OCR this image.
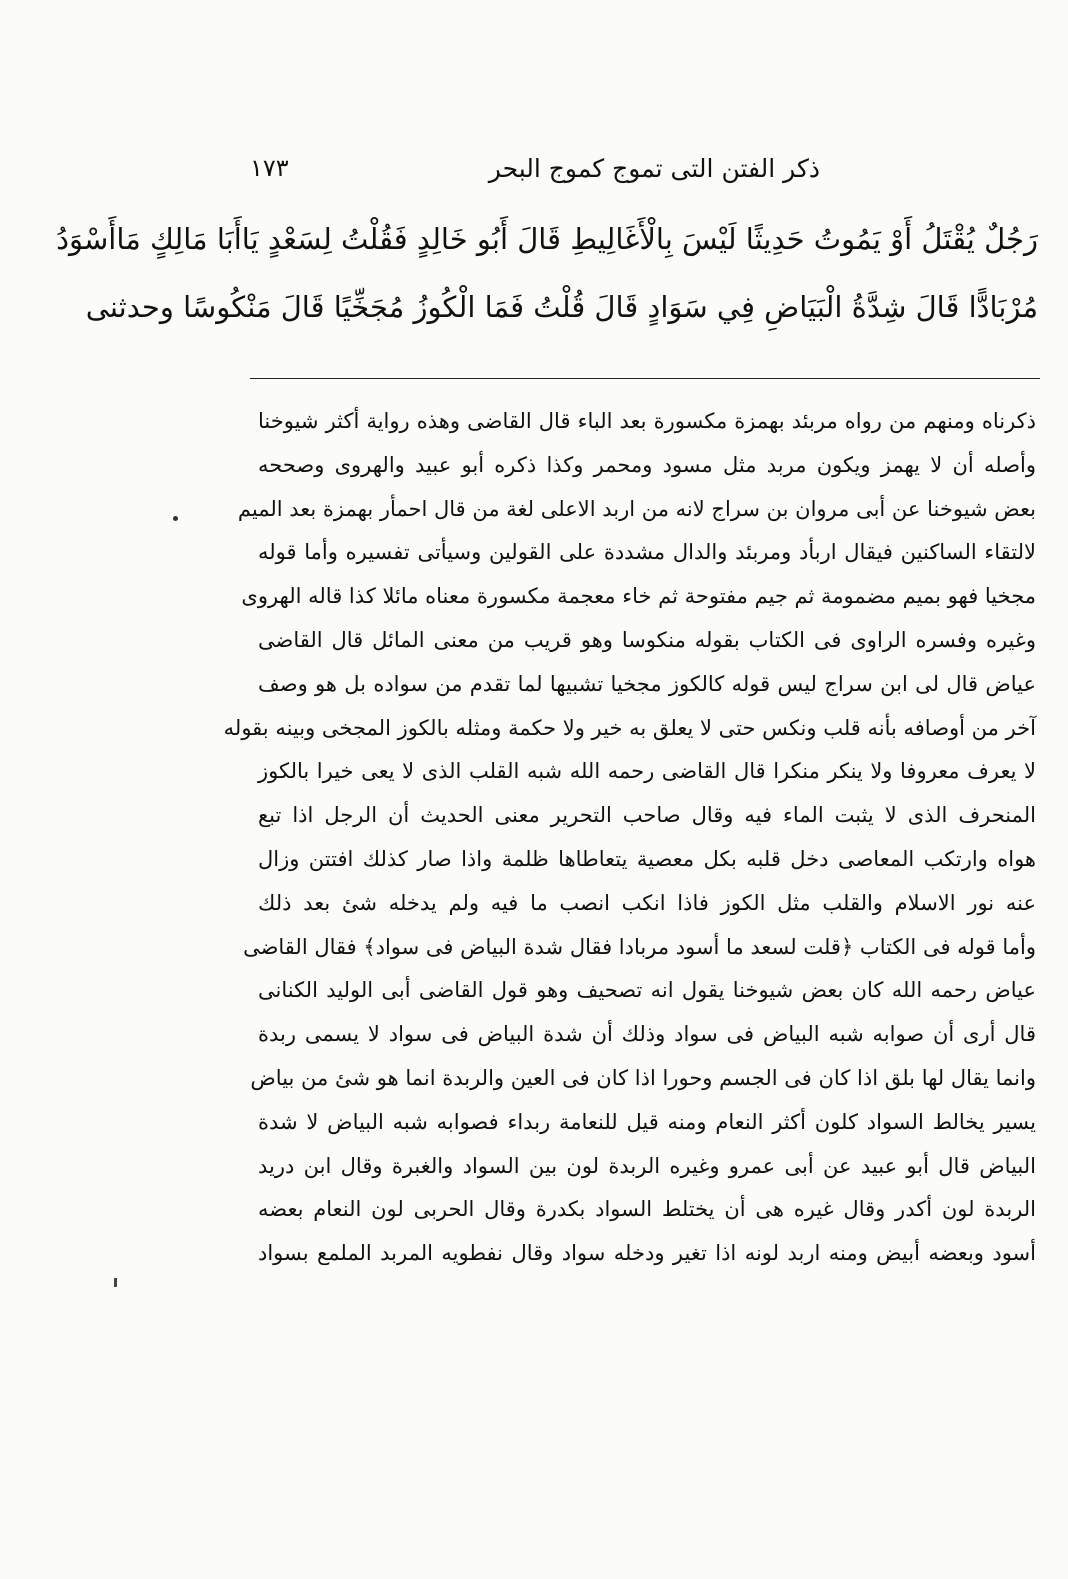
ذكر الفتن التى تموج كموج البحر
١٧٣
رَجُلٌ يُقْتَلُ أَوْ يَمُوتُ حَدِيثًا لَيْسَ بِالْأَغَالِيطِ قَالَ أَبُو خَالِدٍ فَقُلْتُ لِسَعْدٍ يَاأَبَا مَالِكٍ مَاأَسْوَدُ
مُرْبَادًّا قَالَ شِدَّةُ الْبَيَاضِ فِي سَوَادٍ قَالَ قُلْتُ فَمَا الْكُوزُ مُجَخِّيًا قَالَ مَنْكُوسًا وحدثنى
ذكرناه ومنهم من رواه مربئد بهمزة مكسورة بعد الباء قال القاضى وهذه رواية أكثر شيوخنا
وأصله أن لا يهمز ويكون مربد مثل مسود ومحمر وكذا ذكره أبو عبيد والهروى وصححه
بعض شيوخنا عن أبى مروان بن سراج لانه من اربد الاعلى لغة من قال احمأر بهمزة بعد الميم
لالتقاء الساكنين فيقال اربأد ومربئد والدال مشددة على القولين وسيأتى تفسيره وأما قوله
مجخيا فهو بميم مضمومة ثم جيم مفتوحة ثم خاء معجمة مكسورة معناه مائلا كذا قاله الهروى
وغيره وفسره الراوى فى الكتاب بقوله منكوسا وهو قريب من معنى المائل قال القاضى
عياض قال لى ابن سراج ليس قوله كالكوز مجخيا تشبيها لما تقدم من سواده بل هو وصف
آخر من أوصافه بأنه قلب ونكس حتى لا يعلق به خير ولا حكمة ومثله بالكوز المجخى وبينه بقوله
لا يعرف معروفا ولا ينكر منكرا قال القاضى رحمه الله شبه القلب الذى لا يعى خيرا بالكوز
المنحرف الذى لا يثبت الماء فيه وقال صاحب التحرير معنى الحديث أن الرجل اذا تبع
هواه وارتكب المعاصى دخل قلبه بكل معصية يتعاطاها ظلمة واذا صار كذلك افتتن وزال
عنه نور الاسلام والقلب مثل الكوز فاذا انكب انصب ما فيه ولم يدخله شئ بعد ذلك
وأما قوله فى الكتاب ﴿قلت لسعد ما أسود مربادا فقال شدة البياض فى سواد﴾ فقال القاضى
عياض رحمه الله كان بعض شيوخنا يقول انه تصحيف وهو قول القاضى أبى الوليد الكنانى
قال أرى أن صوابه شبه البياض فى سواد وذلك أن شدة البياض فى سواد لا يسمى ربدة
وانما يقال لها بلق اذا كان فى الجسم وحورا اذا كان فى العين والربدة انما هو شئ من بياض
يسير يخالط السواد كلون أكثر النعام ومنه قيل للنعامة ربداء فصوابه شبه البياض لا شدة
البياض قال أبو عبيد عن أبى عمرو وغيره الربدة لون بين السواد والغبرة وقال ابن دريد
الربدة لون أكدر وقال غيره هى أن يختلط السواد بكدرة وقال الحربى لون النعام بعضه
أسود وبعضه أبيض ومنه اربد لونه اذا تغير ودخله سواد وقال نفطويه المربد الملمع بسواد
